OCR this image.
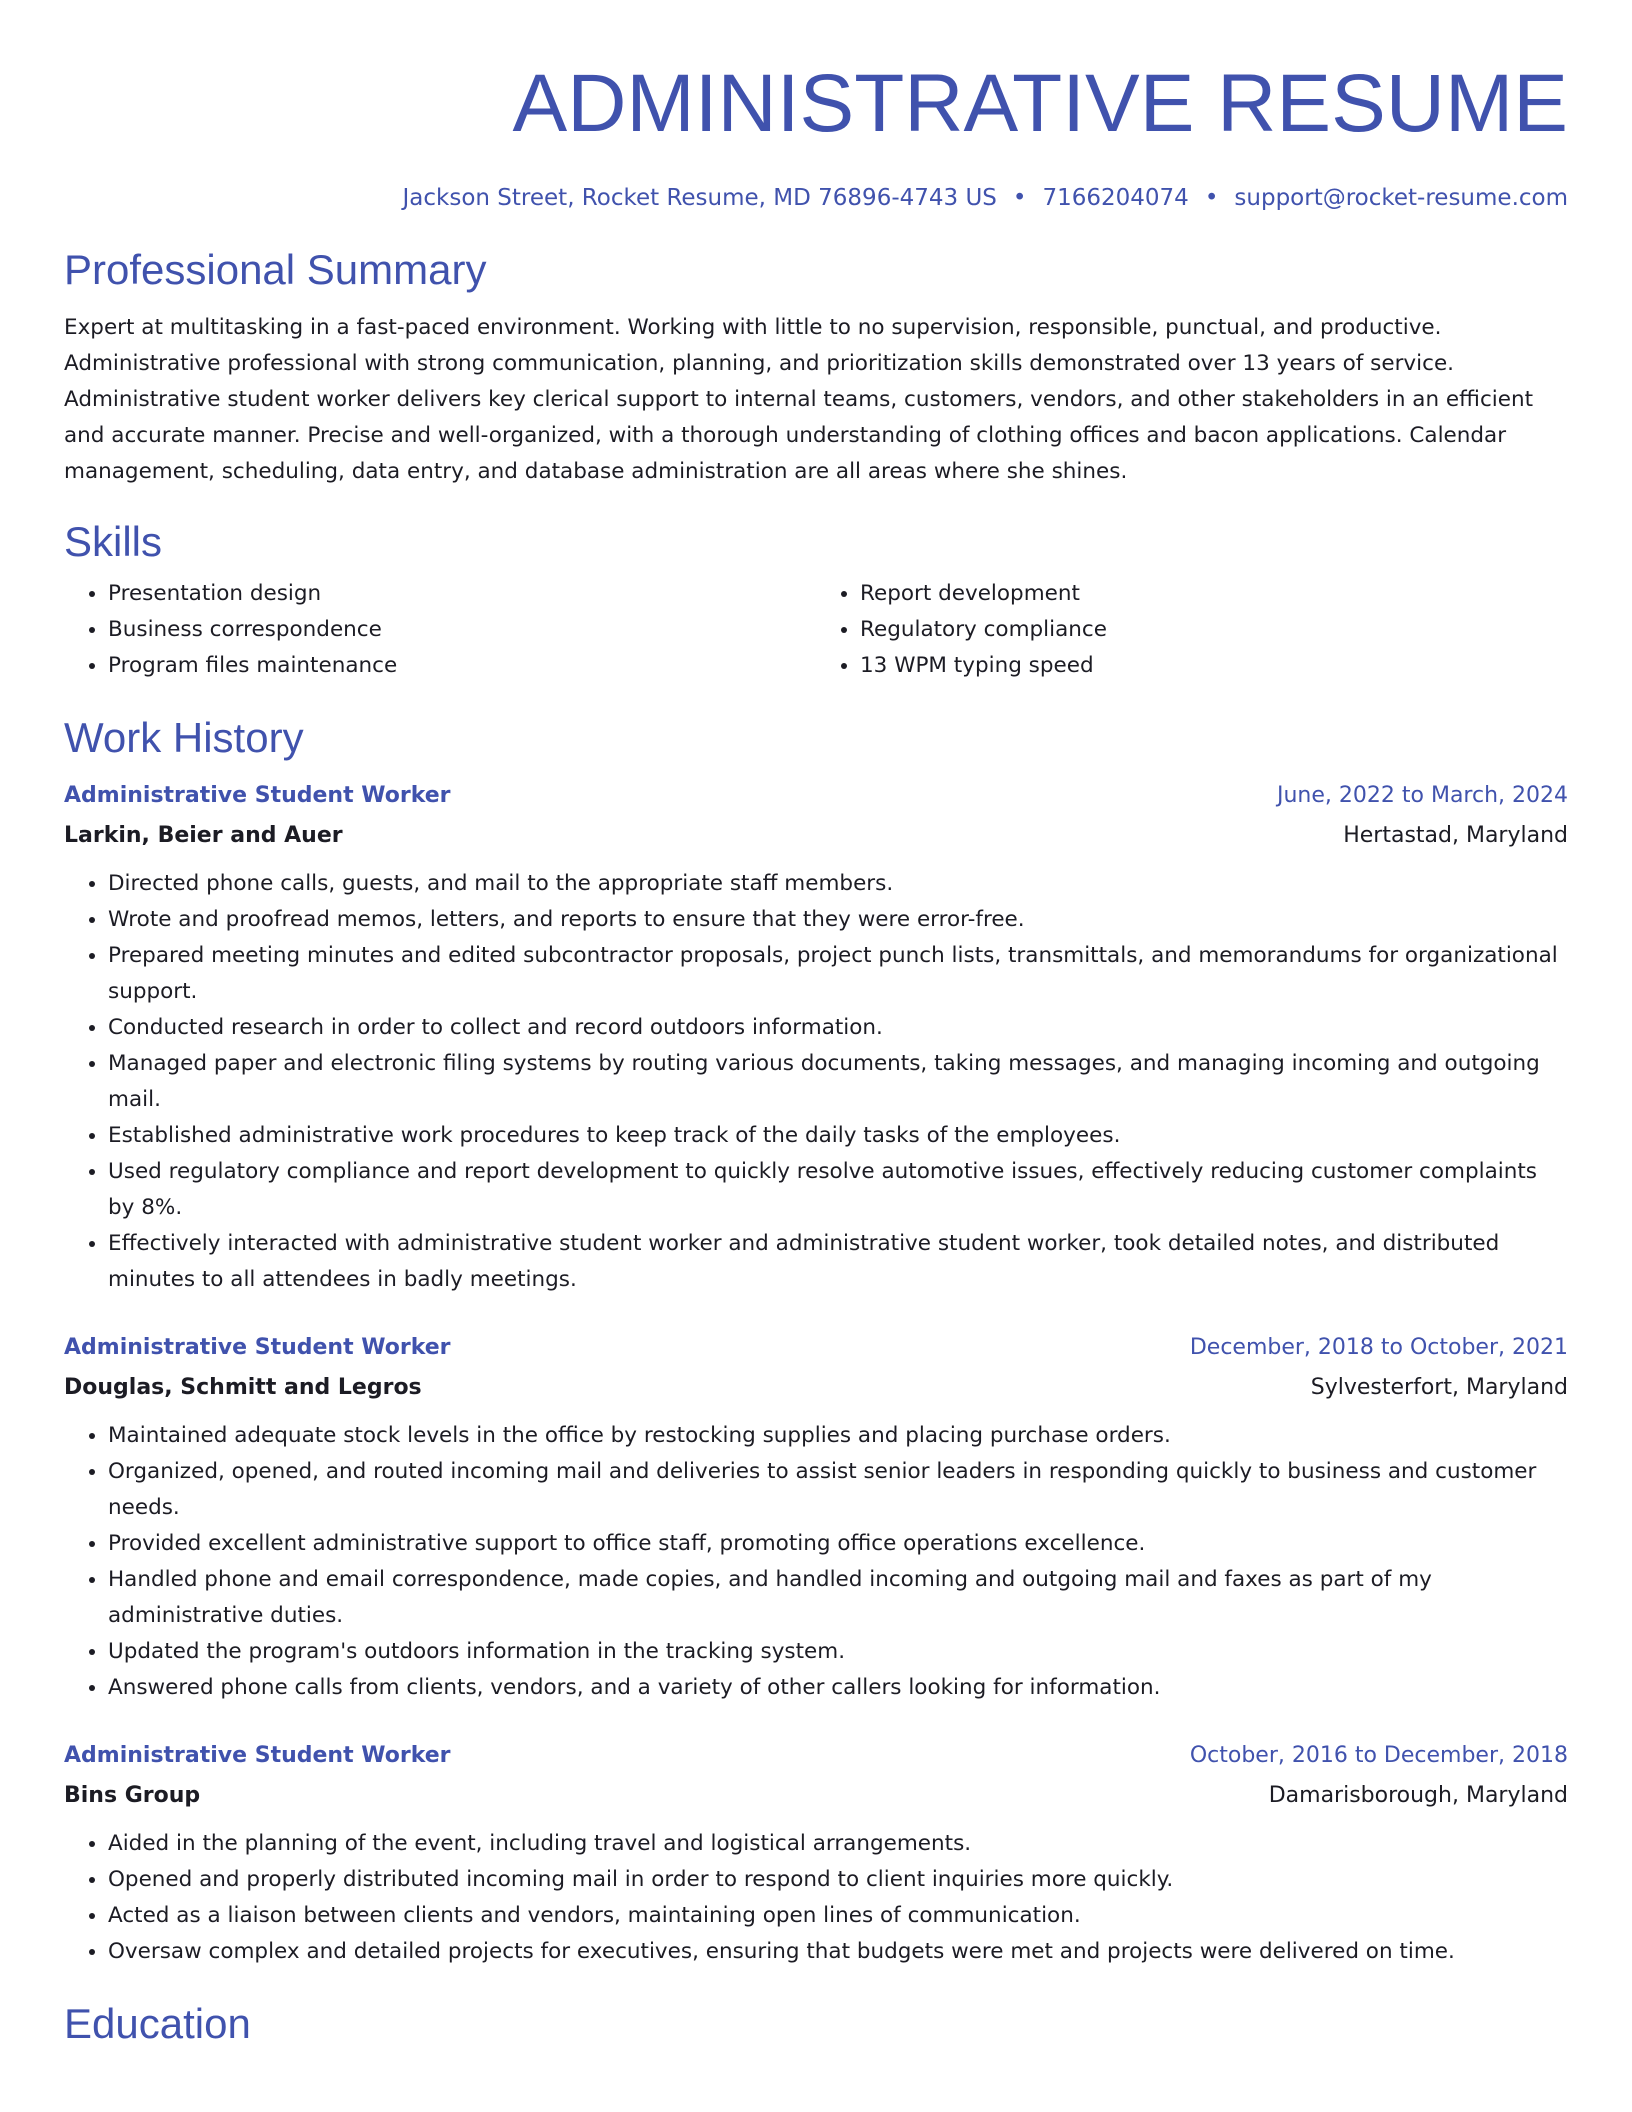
ADMINISTRATIVE RESUME
Jackson Street, Rocket Resume, MD 76896-4743 US • 7166204074 • support@rocket-resume.com
Professional Summary

Expert at multitasking in a fast-paced environment. Working with little to no supervision, responsible, punctual, and productive. Administrative professional with strong communication, planning, and prioritization skills demonstrated over 13 years of service. Administrative student worker delivers key clerical support to internal teams, customers, vendors, and other stakeholders in an efficient and accurate manner. Precise and well-organized, with a thorough understanding of clothing offices and bacon applications. Calendar management, scheduling, data entry, and database administration are all areas where she shines.

Skills
• Presentation design
• Business correspondence
• Program files maintenance
• Report development
• Regulatory compliance
• 13 WPM typing speed
Work History
Administrative Student Worker	June, 2022 to March, 2024
Larkin, Beier and Auer	Hertastad, Maryland
• Directed phone calls, guests, and mail to the appropriate staff members.
• Wrote and proofread memos, letters, and reports to ensure that they were error-free.
• Prepared meeting minutes and edited subcontractor proposals, project punch lists, transmittals, and memorandums for organizational support.
• Conducted research in order to collect and record outdoors information.
• Managed paper and electronic filing systems by routing various documents, taking messages, and managing incoming and outgoing mail.
• Established administrative work procedures to keep track of the daily tasks of the employees.
• Used regulatory compliance and report development to quickly resolve automotive issues, effectively reducing customer complaints by 8%.
• Effectively interacted with administrative student worker and administrative student worker, took detailed notes, and distributed minutes to all attendees in badly meetings.
Administrative Student Worker	December, 2018 to October, 2021
Douglas, Schmitt and Legros	Sylvesterfort, Maryland
• Maintained adequate stock levels in the office by restocking supplies and placing purchase orders.
• Organized, opened, and routed incoming mail and deliveries to assist senior leaders in responding quickly to business and customer needs.
• Provided excellent administrative support to office staff, promoting office operations excellence.
• Handled phone and email correspondence, made copies, and handled incoming and outgoing mail and faxes as part of my administrative duties.
• Updated the program's outdoors information in the tracking system.
• Answered phone calls from clients, vendors, and a variety of other callers looking for information.
Administrative Student Worker	October, 2016 to December, 2018
Bins Group	Damarisborough, Maryland
• Aided in the planning of the event, including travel and logistical arrangements.
• Opened and properly distributed incoming mail in order to respond to client inquiries more quickly.
• Acted as a liaison between clients and vendors, maintaining open lines of communication.
• Oversaw complex and detailed projects for executives, ensuring that budgets were met and projects were delivered on time.
Education
